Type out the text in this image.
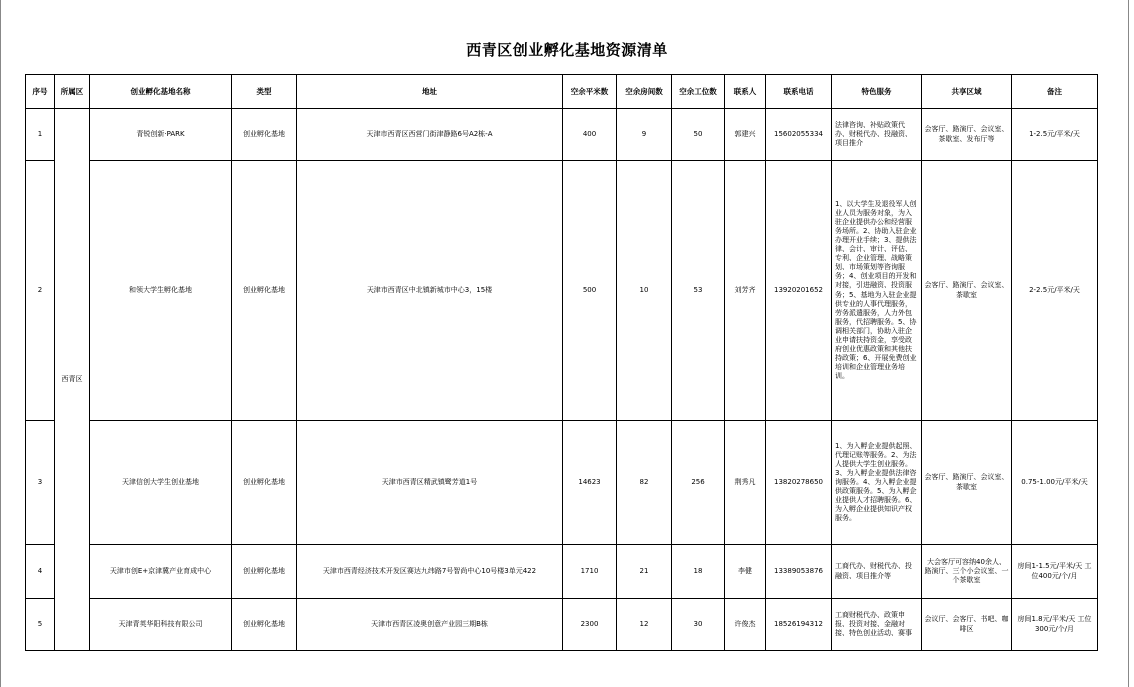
西青区创业孵化基地资源清单
序号	所属区	创业孵化基地名称	类型	地址	空余平米数	空余房间数	空余工位数	联系人	联系电话	特色服务	共享区域	备注
1	西青区	青锐创新·PARK	创业孵化基地	天津市西青区西营门街津静路6号A2栋-A	400	9	50	郭建兴	15602055334	法律咨询、补贴政策代办、财税代办、投融资、项目推介	会客厅、路演厅、会议室、茶歇室、发布厅等	1-2.5元/平米/天
2		和领大学生孵化基地	创业孵化基地	天津市西青区中北镇新城市中心3，15楼	500	10	53	刘芳齐	13920201652	1、以大学生及退役军人创业人员为服务对象，为入驻企业提供办公和经营服务场所。2、协助入驻企业办理开业手续；3、提供法律、会计、审计、评估、专利、企业管理、战略策划、市场策划等咨询服务；4、创业项目的开发和对接，引进融资、投资服务；5、基地为入驻企业提供专业的人事代理服务，劳务派遣服务，人力外包服务，代招聘服务。5、协调相关部门，协助入驻企业申请扶持资金，享受政府创业优惠政策和其他扶持政策；6、开展免费创业培训和企业管理业务培训。	会客厅、路演厅、会议室、茶歇室	2-2.5元/平米/天
3		天津信创大学生创业基地	创业孵化基地	天津市西青区精武镇鹭芳道1号	14623	82	256	荆秀凡	13820278650	1、为入孵企业提供起照、代理记账等服务。2、为法人提供大学生创业服务。3、为入孵企业提供法律咨询服务。4、为入孵企业提供政策服务。5、为入孵企业提供人才招聘服务。6、为入孵企业提供知识产权服务。	会客厅、路演厅、会议室、茶歇室	0.75-1.00元/平米/天
4		天津市创E+京津冀产业育成中心	创业孵化基地	天津市西青经济技术开发区赛达九纬路7号智尚中心10号楼3单元422	1710	21	18	李健	13389053876	工商代办、财税代办、投融资、项目推介等	大会客厅可容纳40余人、路演厅、三个小会议室、一个茶歇室	房间1-1.5元/平米/天 工位400元/个/月
5		天津青英华阳科技有限公司	创业孵化基地	天津市西青区凌奥创意产业园三期B栋	2300	12	30	许俊杰	18526194312	工商财税代办、政策申报、投资对接、金融对接、特色创业活动、赛事	会议厅、会客厅、书吧、咖啡区	房间1.8元/平米/天 工位300元/个/月
